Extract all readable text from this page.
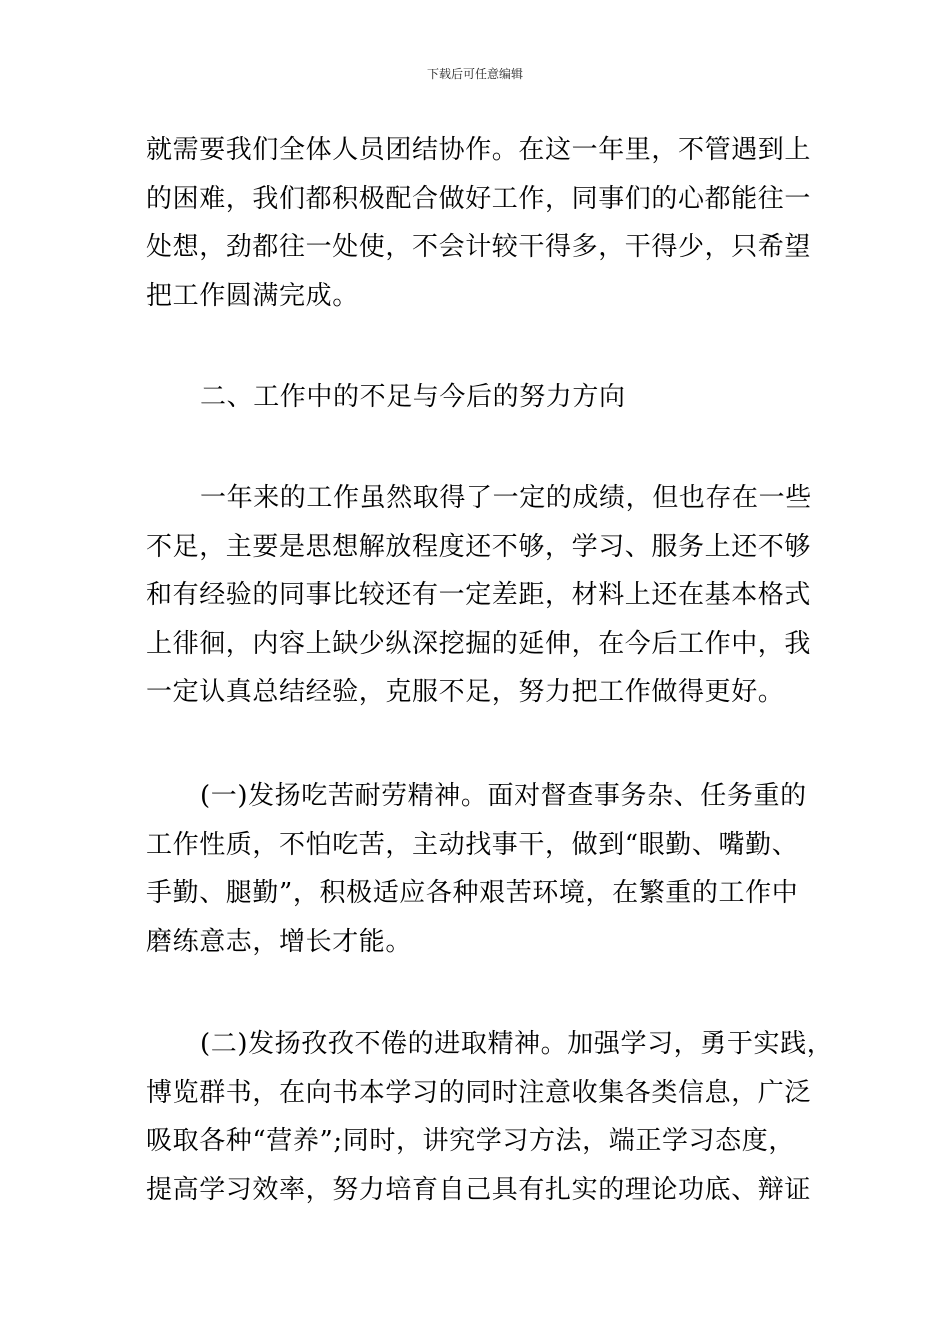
下载后可任意编辑
就需要我们全体人员团结协作。在这一年里，不管遇到上
的困难，我们都积极配合做好工作，同事们的心都能往一
处想，劲都往一处使，不会计较干得多，干得少，只希望
把工作圆满完成。
二、工作中的不足与今后的努力方向
一年来的工作虽然取得了一定的成绩，但也存在一些
不足，主要是思想解放程度还不够，学习、服务上还不够
和有经验的同事比较还有一定差距，材料上还在基本格式
上徘徊，内容上缺少纵深挖掘的延伸，在今后工作中，我
一定认真总结经验，克服不足，努力把工作做得更好。
(一)发扬吃苦耐劳精神。面对督查事务杂、任务重的
工作性质，不怕吃苦，主动找事干，做到“眼勤、嘴勤、
手勤、腿勤”，积极适应各种艰苦环境，在繁重的工作中
磨练意志，增长才能。
(二)发扬孜孜不倦的进取精神。加强学习，勇于实践，
博览群书，在向书本学习的同时注意收集各类信息，广泛
吸取各种“营养”;同时，讲究学习方法，端正学习态度，
提高学习效率，努力培育自己具有扎实的理论功底、辩证
